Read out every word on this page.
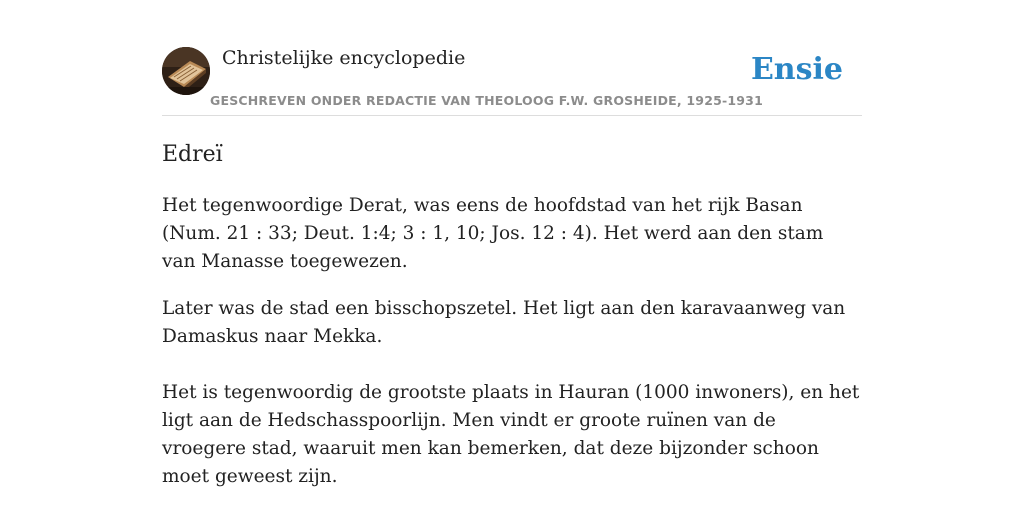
Christelijke encyclopedie
GESCHREVEN ONDER REDACTIE VAN THEOLOOG F.W. GROSHEIDE, 1925-1931
Ensie
Edreï

Het tegenwoordige Derat, was eens de hoofdstad van het rijk Basan (Num. 21 : 33; Deut. 1:4; 3 : 1, 10; Jos. 12 : 4). Het werd aan den stam van Manasse toegewezen.

Later was de stad een bisschopszetel. Het ligt aan den karavaanweg van Damaskus naar Mekka.

Het is tegenwoordig de grootste plaats in Hauran (1000 inwoners), en het ligt aan de Hedschasspoorlijn. Men vindt er groote ruïnen van de vroegere stad, waaruit men kan bemerken, dat deze bijzonder schoon moet geweest zijn.
